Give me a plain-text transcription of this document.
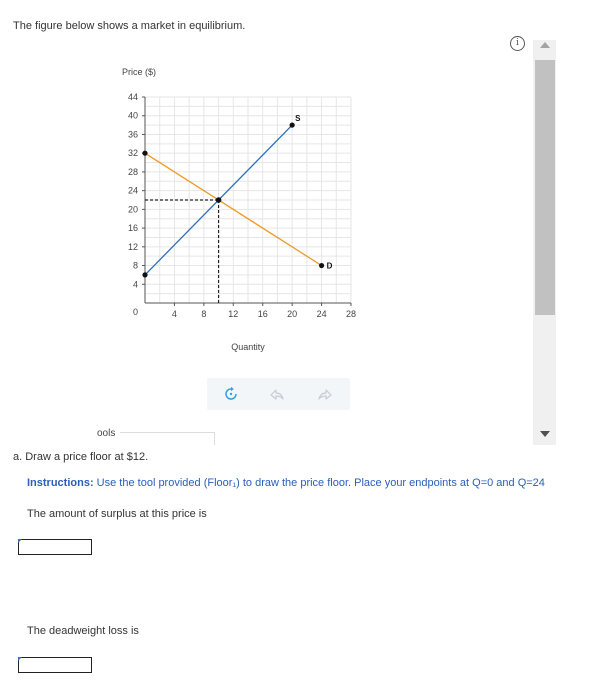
The figure below shows a market in equilibrium.
i
4
8
12
16
20
24
28
32
36
40
44
4	8 12 16 20 24 28
0
Price ($)
Quantity
S
D
ools
a. Draw a price floor at $12.
Instructions: Use the tool provided (Floor₁) to draw the price floor. Place your endpoints at Q=0 and Q=24
The amount of surplus at this price is
The deadweight loss is
